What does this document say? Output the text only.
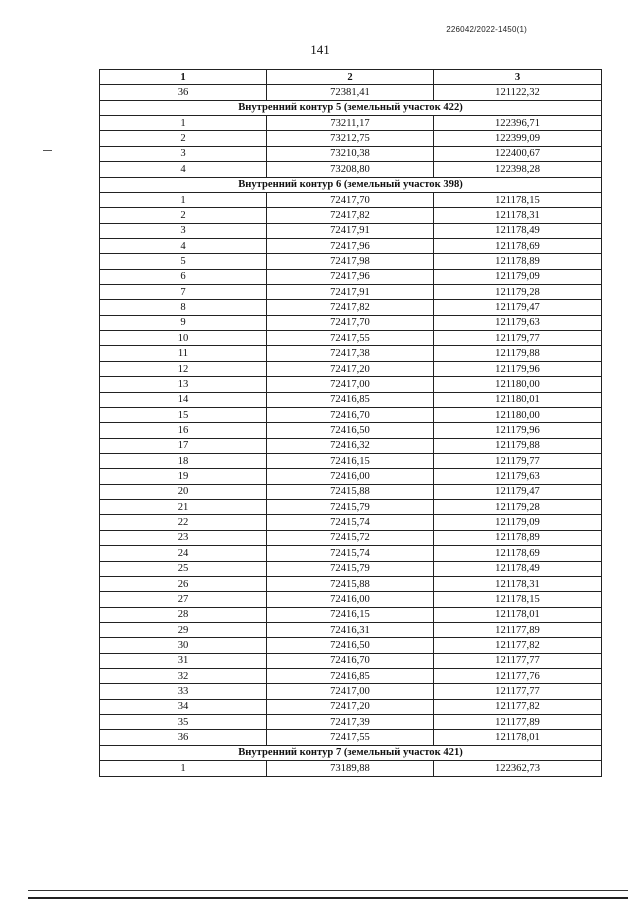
226042/2022-1450(1)
141
1	2	3
36	72381,41	121122,32
Внутренний контур 5 (земельный участок 422)		
1	73211,17	122396,71
2	73212,75	122399,09
3	73210,38	122400,67
4	73208,80	122398,28
Внутренний контур 6 (земельный участок 398)		
1	72417,70	121178,15
2	72417,82	121178,31
3	72417,91	121178,49
4	72417,96	121178,69
5	72417,98	121178,89
6	72417,96	121179,09
7	72417,91	121179,28
8	72417,82	121179,47
9	72417,70	121179,63
10	72417,55	121179,77
11	72417,38	121179,88
12	72417,20	121179,96
13	72417,00	121180,00
14	72416,85	121180,01
15	72416,70	121180,00
16	72416,50	121179,96
17	72416,32	121179,88
18	72416,15	121179,77
19	72416,00	121179,63
20	72415,88	121179,47
21	72415,79	121179,28
22	72415,74	121179,09
23	72415,72	121178,89
24	72415,74	121178,69
25	72415,79	121178,49
26	72415,88	121178,31
27	72416,00	121178,15
28	72416,15	121178,01
29	72416,31	121177,89
30	72416,50	121177,82
31	72416,70	121177,77
32	72416,85	121177,76
33	72417,00	121177,77
34	72417,20	121177,82
35	72417,39	121177,89
36	72417,55	121178,01
Внутренний контур 7 (земельный участок 421)		
1	73189,88	122362,73
